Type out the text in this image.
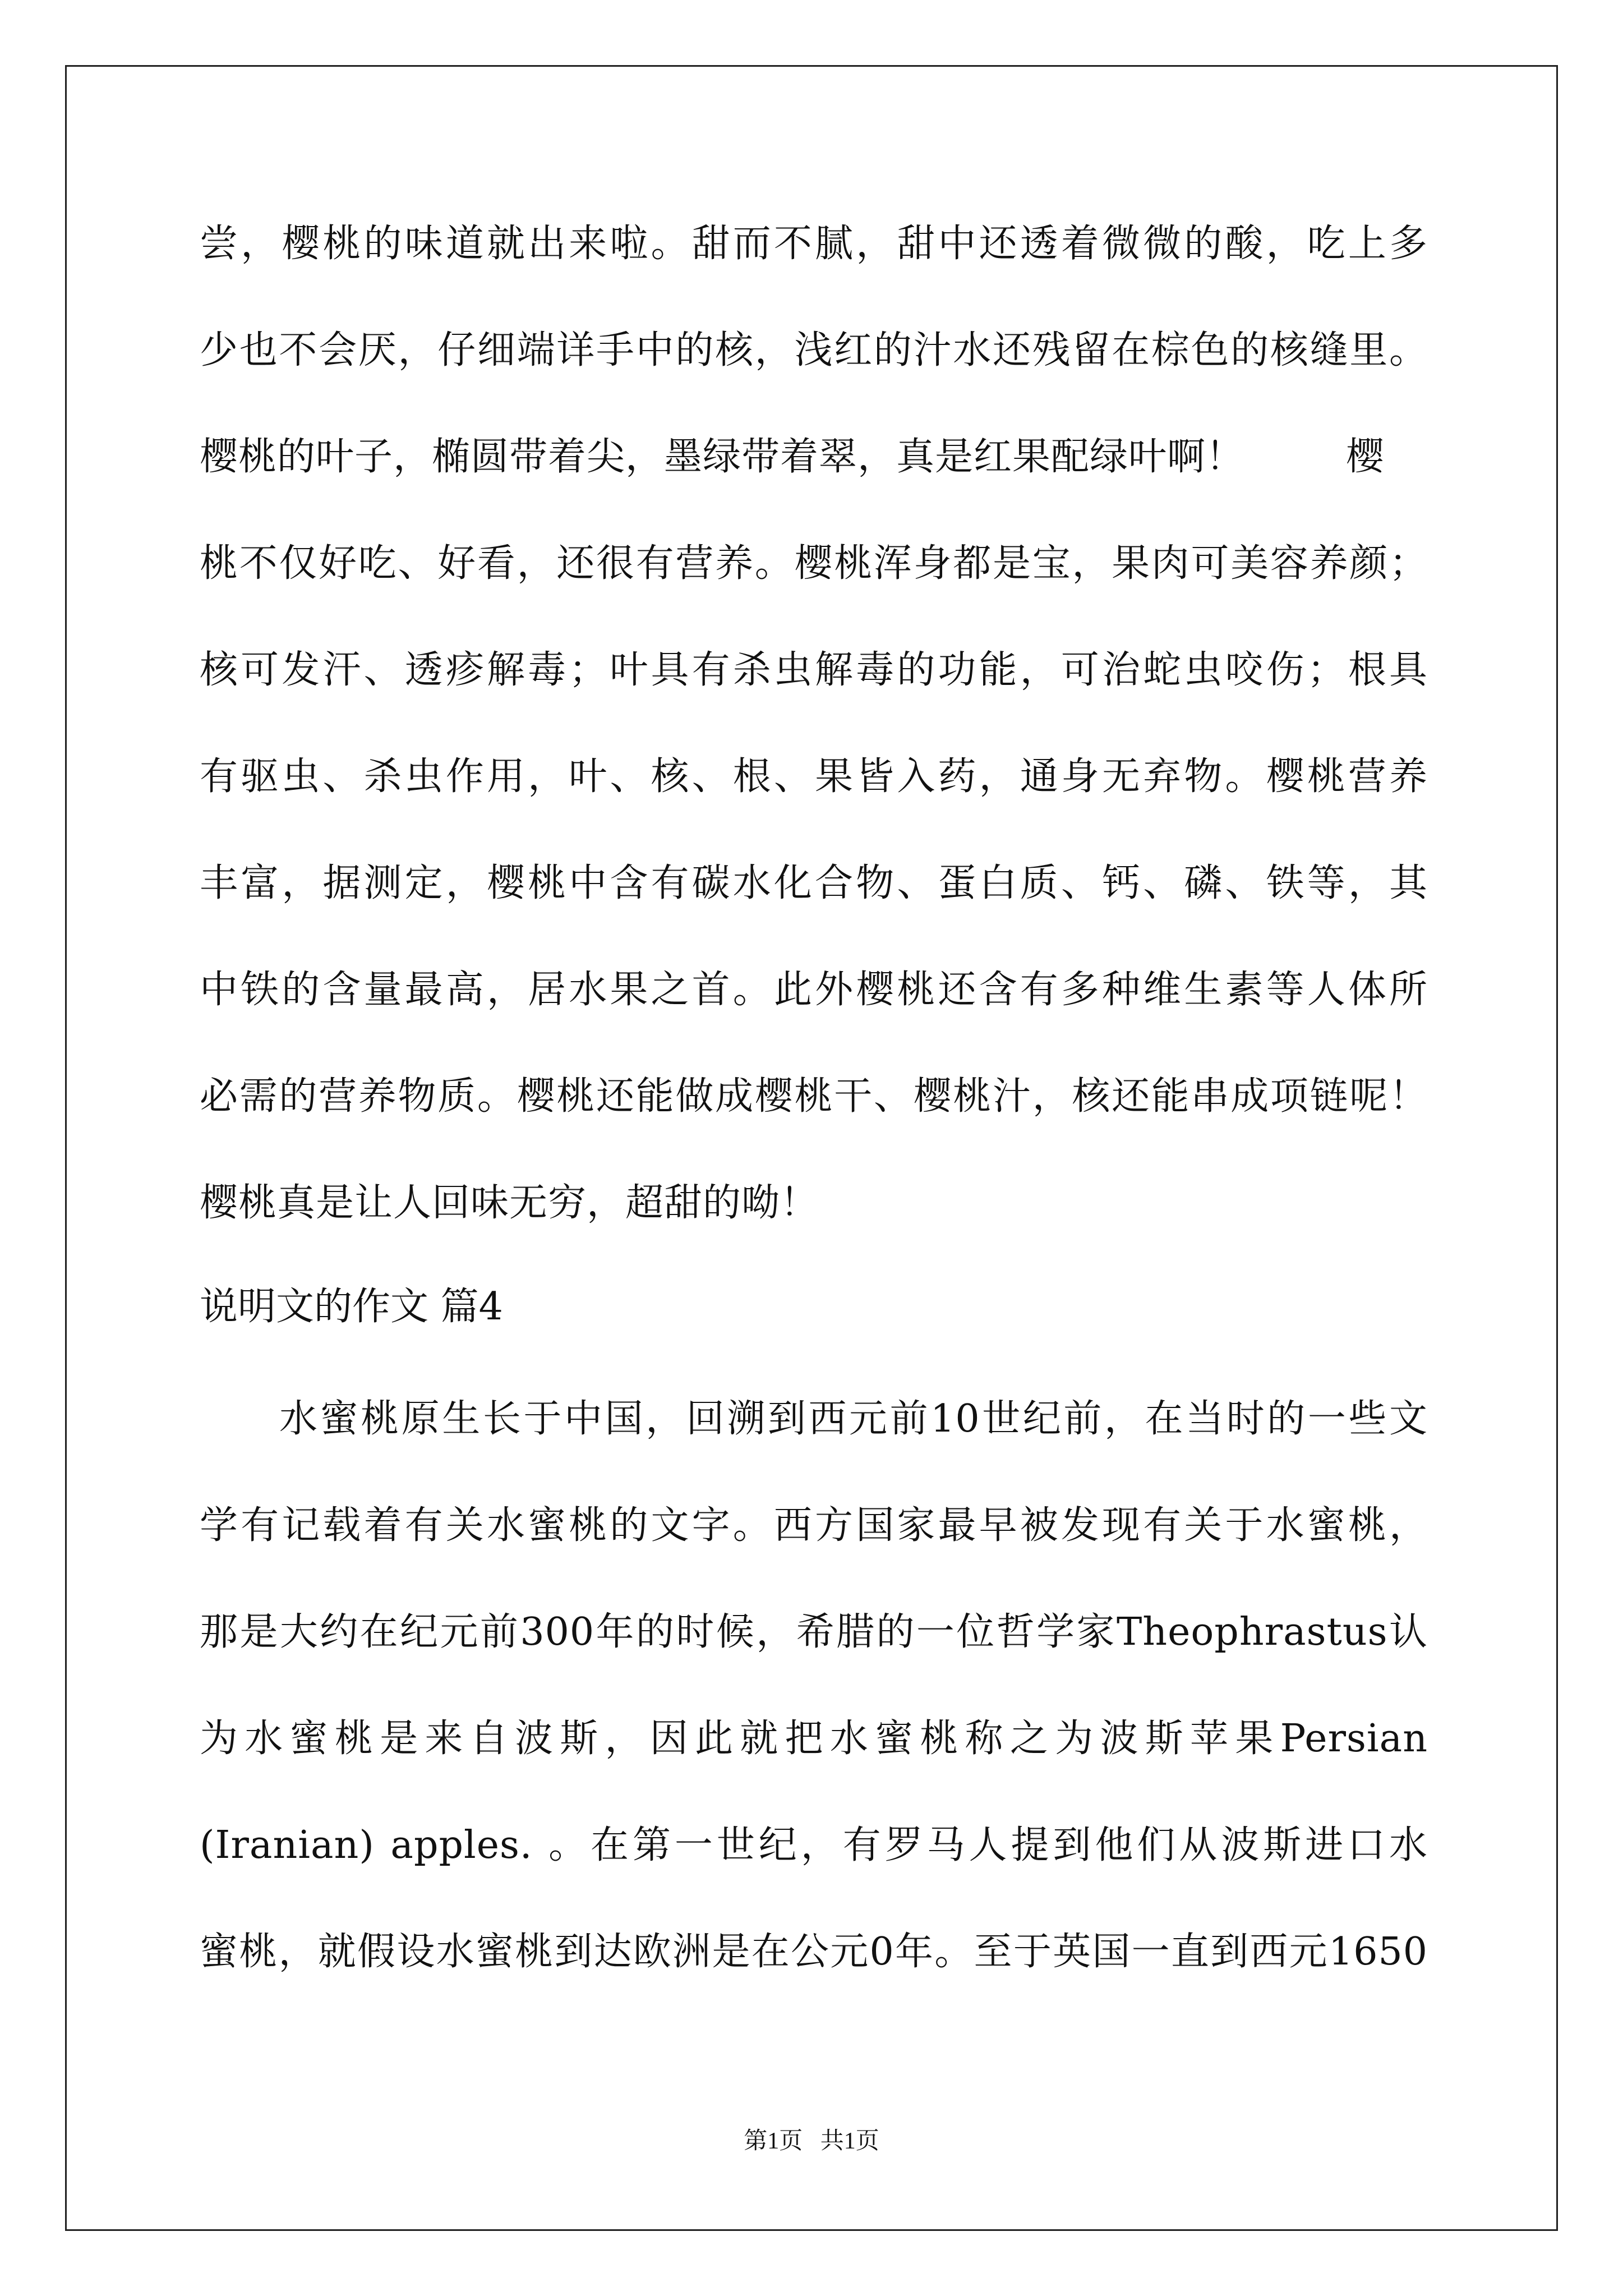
尝，樱桃的味道就出来啦。甜而不腻，甜中还透着微微的酸，吃上多
少也不会厌，仔细端详手中的核，浅红的汁水还残留在棕色的核缝里。
樱桃的叶子，椭圆带着尖，墨绿带着翠，真是红果配绿叶啊！        樱
桃不仅好吃、好看，还很有营养。樱桃浑身都是宝，果肉可美容养颜；
核可发汗、透疹解毒；叶具有杀虫解毒的功能，可治蛇虫咬伤；根具
有驱虫、杀虫作用，叶、核、根、果皆入药，通身无弃物。樱桃营养
丰富，据测定，樱桃中含有碳水化合物、蛋白质、钙、磷、铁等，其
中铁的含量最高，居水果之首。此外樱桃还含有多种维生素等人体所
必需的营养物质。樱桃还能做成樱桃干、樱桃汁，核还能串成项链呢！
樱桃真是让人回味无穷，超甜的呦！
说明文的作文 篇4
水蜜桃原生长于中国，回溯到西元前10世纪前，在当时的一些文
学有记载着有关水蜜桃的文字。西方国家最早被发现有关于水蜜桃，
那是大约在纪元前300年的时候，希腊的一位哲学家Theophrastus认
为水蜜桃是来自波斯，因此就把水蜜桃称之为波斯苹果Persian
(Iranian) apples. 。在第一世纪，有罗马人提到他们从波斯进口水
蜜桃，就假设水蜜桃到达欧洲是在公元0年。至于英国一直到西元1650
第1页   共1页
